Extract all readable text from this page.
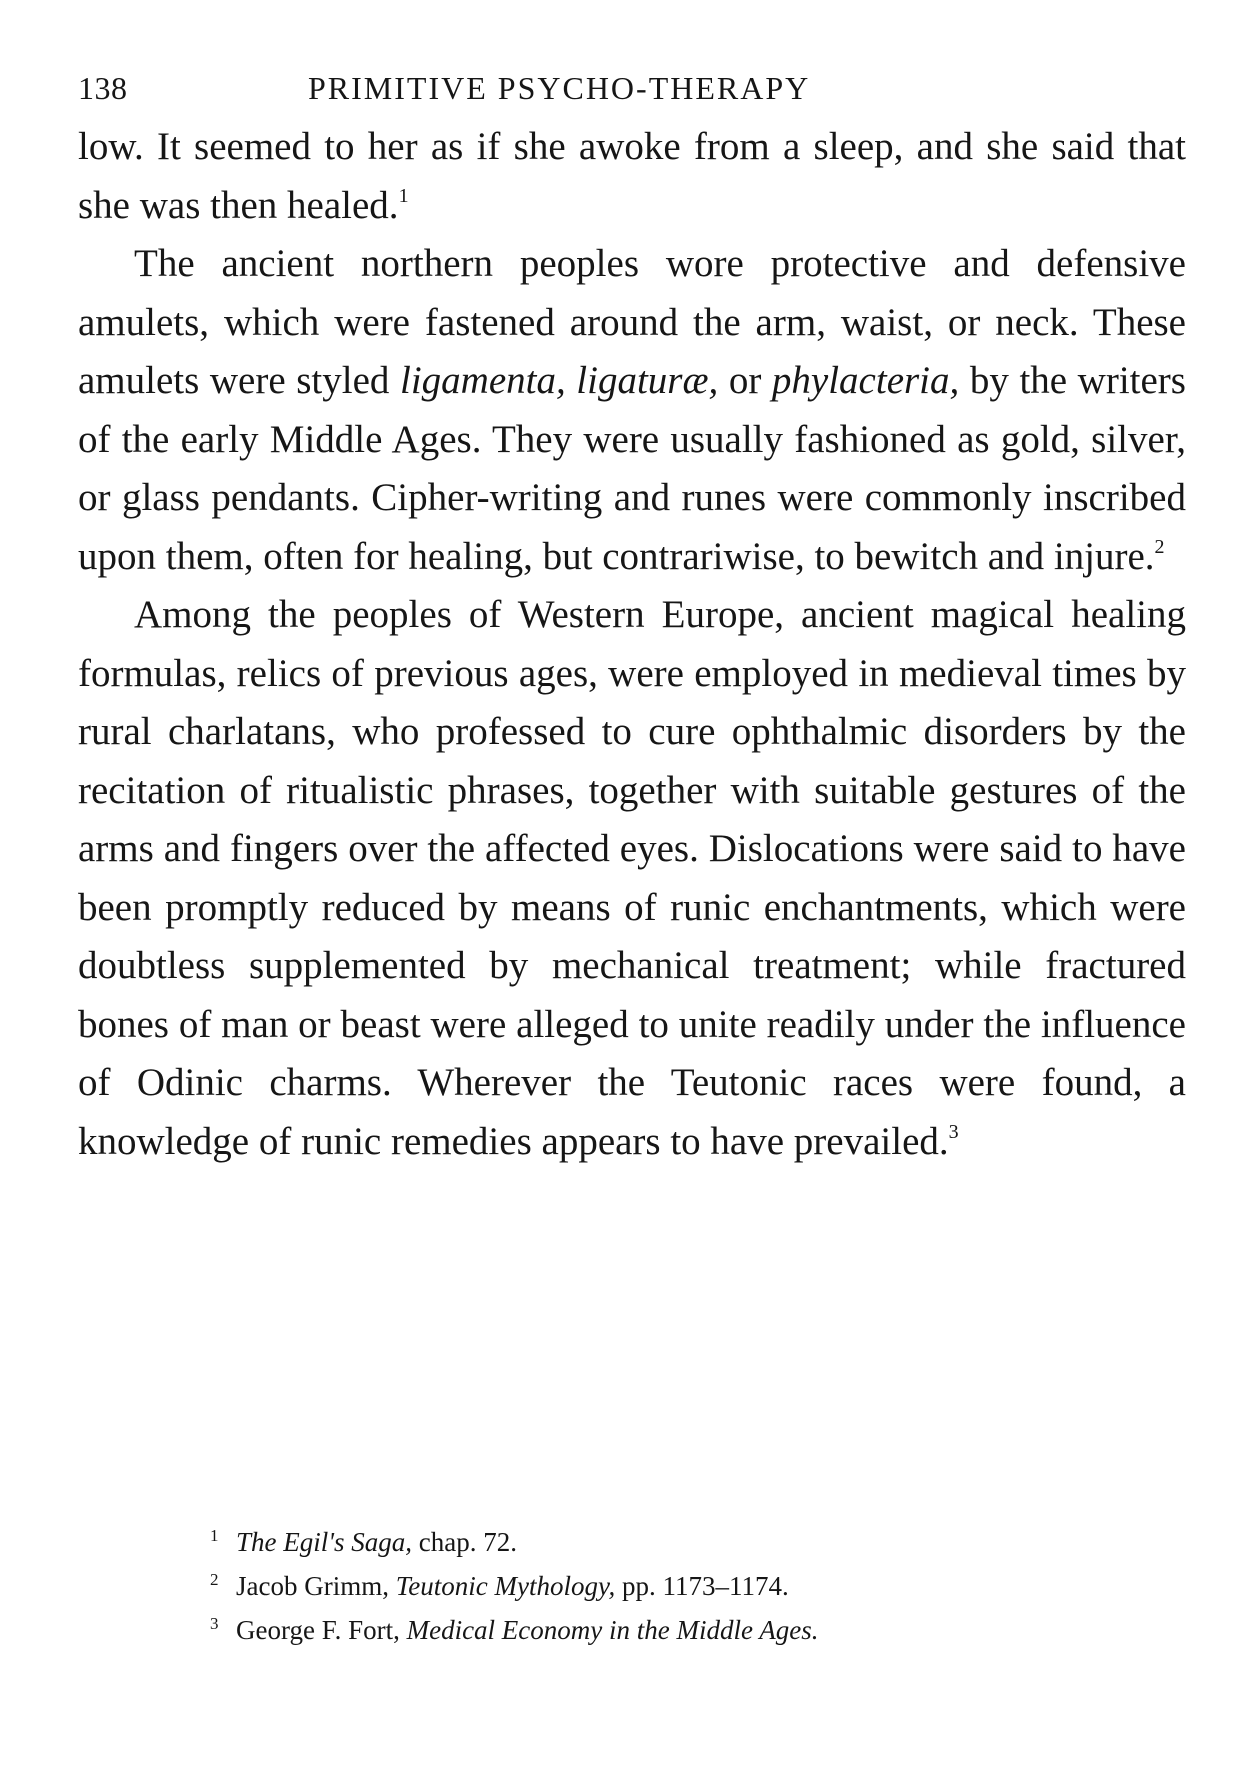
138	PRIMITIVE PSYCHO-THERAPY

low. It seemed to her as if she awoke from a sleep, and she said that she was then healed.$^1$

The ancient northern peoples wore protective and defensive amulets, which were fastened around the arm, waist, or neck. These amulets were styled ligamenta, ligaturæ, or phylacteria, by the writers of the early Middle Ages. They were usually fashioned as gold, silver, or glass pendants. Cipher-writing and runes were commonly inscribed upon them, often for healing, but contrariwise, to bewitch and injure.$^2$

Among the peoples of Western Europe, ancient magical healing formulas, relics of previous ages, were employed in medieval times by rural charlatans, who professed to cure ophthalmic disorders by the recitation of ritualistic phrases, together with suitable gestures of the arms and fingers over the affected eyes. Dislocations were said to have been promptly reduced by means of runic enchantments, which were doubtless supplemented by mechanical treatment; while fractured bones of man or beast were alleged to unite readily under the influence of Odinic charms. Wherever the Teutonic races were found, a knowledge of runic remedies appears to have prevailed.$^3$

1 The Egil's Saga, chap. 72.
2 Jacob Grimm, Teutonic Mythology, pp. 1173–1174.
3 George F. Fort, Medical Economy in the Middle Ages.
